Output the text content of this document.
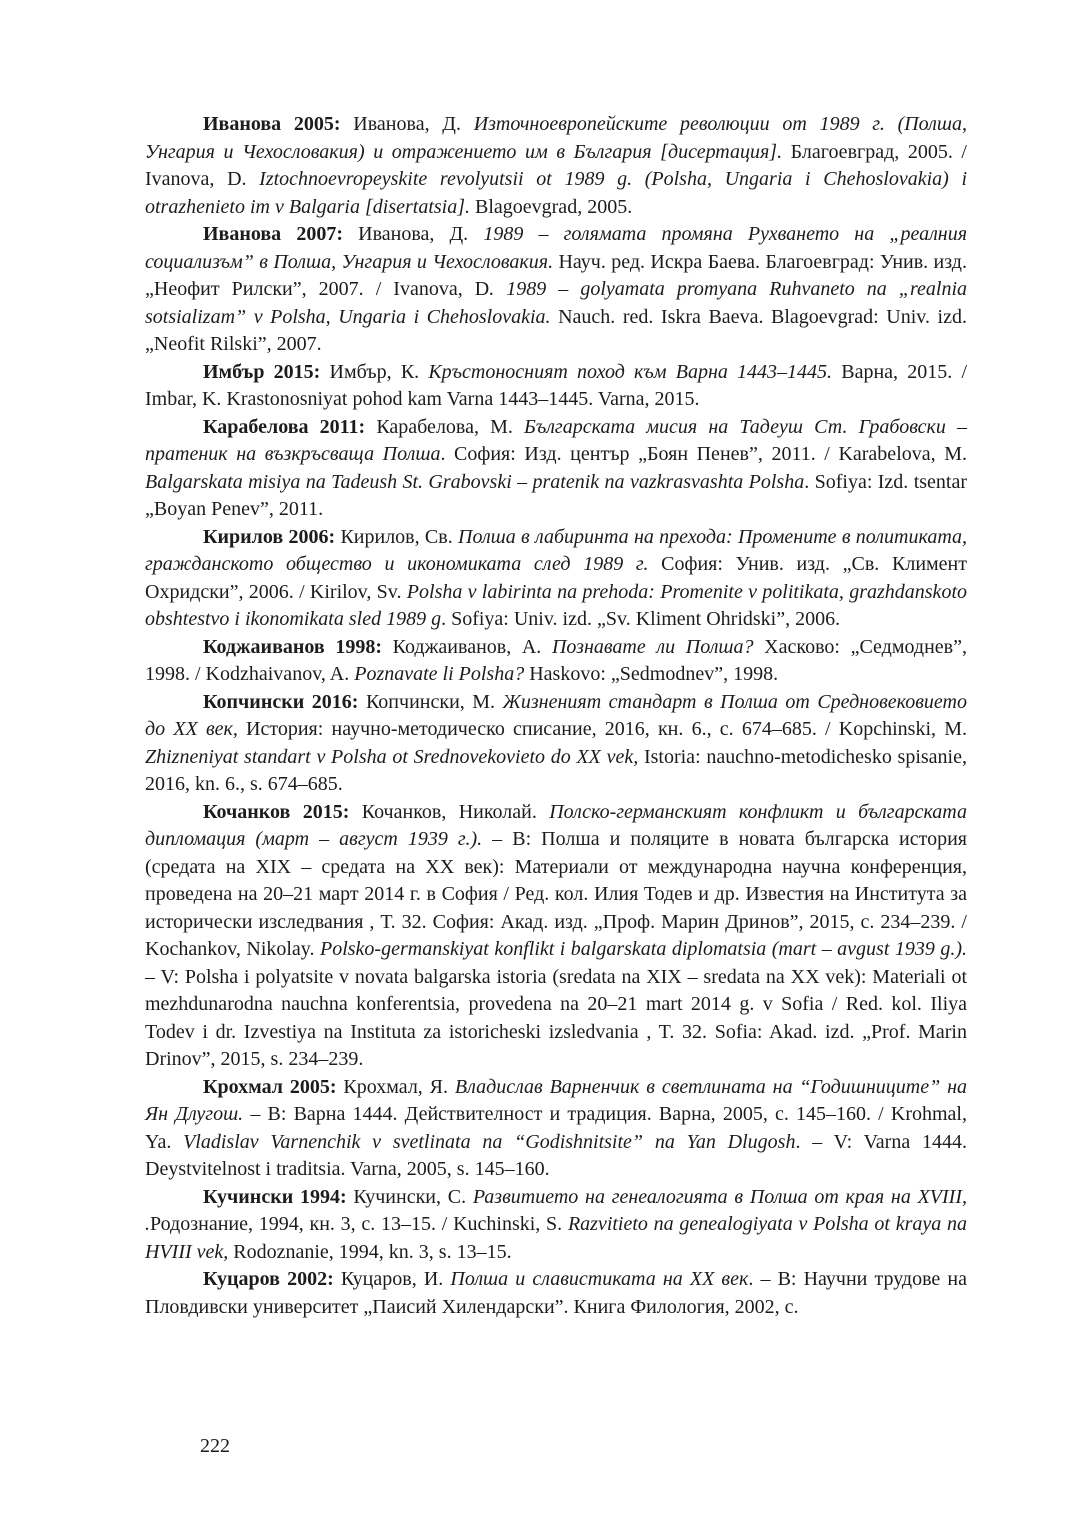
Иванова 2005: Иванова, Д. Източноевропейските революции от 1989 г. (Полша, Унгария и Чехословакия) и отражението им в България [дисертация]. Благоевград, 2005. / Ivanova, D. Iztochnoevropeyskite revolyutsii ot 1989 g. (Polsha, Ungaria i Chehoslovakia) i otrazhenieto im v Balgaria [disertatsia]. Blagoevgrad, 2005.

Иванова 2007: Иванова, Д. 1989 – голямата промяна Рухването на „реалния социализъм” в Полша, Унгария и Чехословакия. Науч. ред. Искра Баева. Благоевград: Унив. изд. „Неофит Рилски”, 2007. / Ivanova, D. 1989 – golyamata promyana Ruhvaneto na „realnia sotsializam” v Polsha, Ungaria i Chehoslovakia. Nauch. red. Iskra Baeva. Blagoevgrad: Univ. izd. „Neofit Rilski”, 2007.

Имбър 2015: Имбър, К. Кръстоносният поход към Варна 1443–1445. Варна, 2015. / Imbar, K. Krastonosniyat pohod kam Varna 1443–1445. Varna, 2015.

Карабелова 2011: Карабелова, М. Българската мисия на Тадеуш Ст. Грабовски – пратеник на възкръсваща Полша. София: Изд. център „Боян Пенев”, 2011. / Karabelova, M. Balgarskata misiya na Tadeush St. Grabovski – pratenik na vazkrasvashta Polsha. Sofiya: Izd. tsentar „Boyan Penev”, 2011.

Кирилов 2006: Кирилов, Св. Полша в лабиринта на прехода: Промените в политиката, гражданското общество и икономиката след 1989 г. София: Унив. изд. „Св. Климент Охридски”, 2006. / Kirilov, Sv. Polsha v labirinta na prehoda: Promenite v politikata, grazhdanskoto obshtestvo i ikonomikata sled 1989 g. Sofiya: Univ. izd. „Sv. Kliment Ohridski”, 2006.

Коджаиванов 1998: Коджаиванов, А. Познавате ли Полша? Хасково: „Седмоднев”, 1998. / Kodzhaivanov, A. Poznavate li Polsha? Haskovo: „Sedmodnev”, 1998.

Копчински 2016: Копчински, М. Жизненият стандарт в Полша от Средновековието до XX век, История: научно-методическо списание, 2016, кн. 6., с. 674–685. / Kopchinski, M. Zhizneniyat standart v Polsha ot Srednovekovieto do XX vek, Istoria: nauchno-metodichesko spisanie, 2016, kn. 6., s. 674–685.

Кочанков 2015: Кочанков, Николай. Полско-германският конфликт и българската дипломация (март – август 1939 г.). – В: Полша и поляците в новата българска история (средата на XIX – средата на XX век): Материали от международна научна конференция, проведена на 20–21 март 2014 г. в София / Ред. кол. Илия Тодев и др. Известия на Института за исторически изследвания , Т. 32. София: Акад. изд. „Проф. Марин Дринов”, 2015, с. 234–239. / Kochankov, Nikolay. Polsko-germanskiyat konflikt i balgarskata diplomatsia (mart – avgust 1939 g.). – V: Polsha i polyatsite v novata balgarska istoria (sredata na XIX – sredata na XX vek): Materiali ot mezhdunarodna nauchna konferentsia, provedena na 20–21 mart 2014 g. v Sofia / Red. kol. Iliya Todev i dr. Izvestiya na Instituta za istoricheski izsledvania , T. 32. Sofia: Akad. izd. „Prof. Marin Drinov”, 2015, s. 234–239.

Крохмал 2005: Крохмал, Я. Владислав Варненчик в светлината на “Годишниците” на Ян Длугош. – В: Варна 1444. Действителност и традиция. Варна, 2005, с. 145–160. / Krohmal, Ya. Vladislav Varnenchik v svetlinata na “Godishnitsite” na Yan Dlugosh. – V: Varna 1444. Deystvitelnost i traditsia. Varna, 2005, s. 145–160.

Кучински 1994: Кучински, С. Развитието на генеалогията в Полша от края на XVIII, .Родознание, 1994, кн. 3, с. 13–15. / Kuchinski, S. Razvitieto na genealogiyata v Polsha ot kraya na HVIII vek, Rodoznanie, 1994, kn. 3, s. 13–15.

Куцаров 2002: Куцаров, И. Полша и славистиката на XX век. – В: Научни трудове на Пловдивски университет „Паисий Хилендарски”. Книга Филология, 2002, с.

222
